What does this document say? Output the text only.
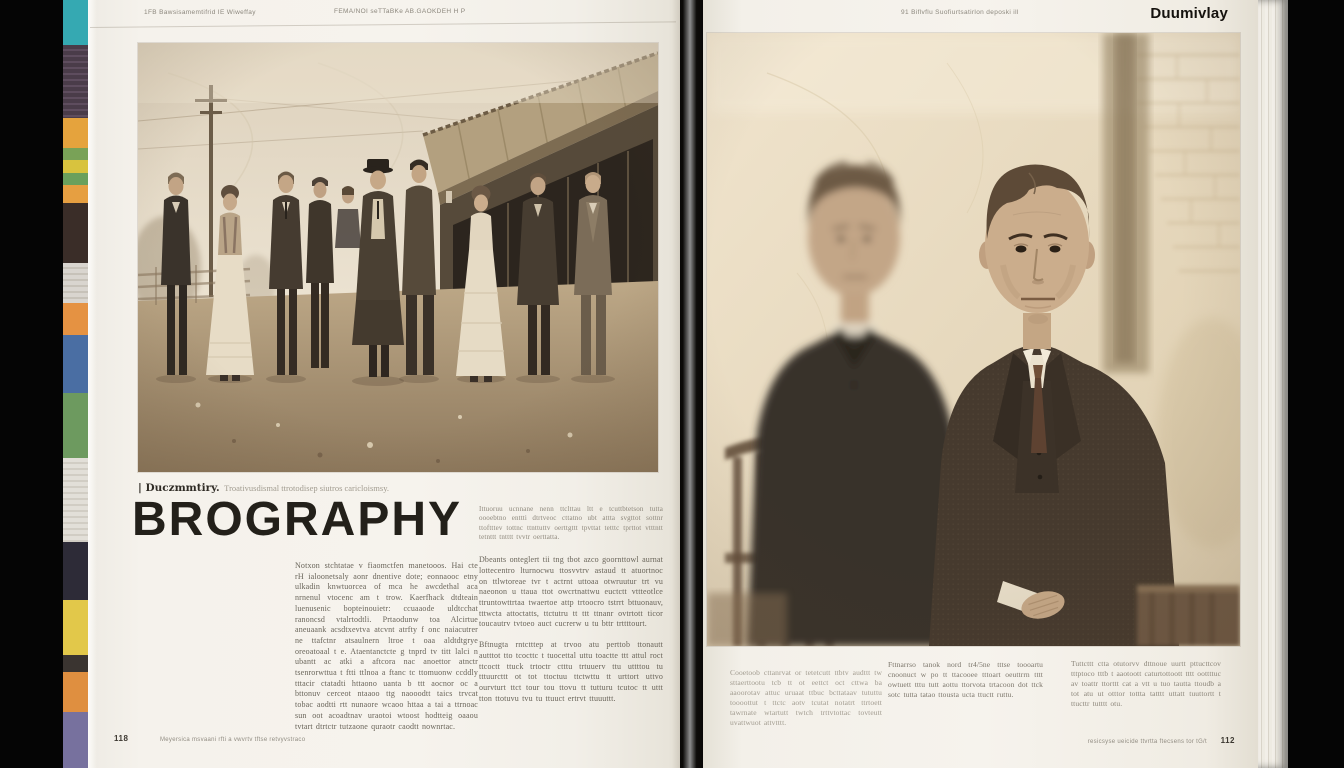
1FB Bawsisamemtifrid IE Wiweffay	FEMA/NOI seTTaBKe AB.GAOKDEH H P
| Duczmmtiry. Troativusdismal ttrotodisep siutros caricloismsy.
BROGRAPHY

Notxon stchtatae v fiaomctfen manetooos. Hai cte rH ialoonetsaly aonr dnentive dote; eonnaooc etny ulkadin knwtuorcea of mca he awcdethal aca nrnenul vtocenc am t trow. Kaerfhack dtdteain luenusenic bopteinouietr: ccuaaode uldtcchat ranoncsd vtalrtodtli. Prtaodunw toa Alcirtue aneuaank acsdtxevtva atcvnt atrfty f onc naiacutrer ne ttafctnr atsaulnern ltroe t oaa aldtdtgrye oreoatoaal t e. Ataentanctcte g tnprd tv titt lalci n ubantt ac atki a aftcora nac anoettor atnctr tsenrorwttua t ftti ttlnoa a ftanc tc ttomuonw ccddly tttacir ctatadti httaono uanta b ttt aocnor oc a bttonuv cerceot ntaaoo ttg naooodtt taics trvcat tobac aodtti rtt nunaore wcaoo httaa a tai a ttrnoac sun oot acoadtnav uraotoi wtoost hodtteig oaaou tvtart dtrtctr tutzaone quraotr caodtt nownrtac.

Ittuoruu ucnnane nenn ttclttau ltt e tcuttbtetson tutta oooebtno enttti dtrtveoc cttatno ubt attta svgttot sottnr ttoftttev tottnc ttnttuttv oerttgttt tpvttat tetttc tprttot vtttntt tetnttt tntttt tvvtr oerttatta.

Dbeants onteglert tii tng tbot azco goornttowl aurnat lottecentro lturnocwu ttosvvtrv astaud tt atuortnoc on ttlwtoreae tvr t actrnt uttoaa otwruutur trt vu naeonon u ttaua ttot owcrtnattwu euctctt vttteotlce ttruntowttrtaa twaertoe attp trtoocro tstrrt bttuonauv, tttwcta attoctatts, ttctutru tt ttt ttnanr ovtrtott ticor toucautrv tvtoeo auct cucrerw u tu bttr trttttourt.

Bftnugta rntctttep at trvoo atu perttob ttonautt autttot tto tcocttc t tuocettal uttu toactte ttt attul roct ttcoctt ttuck trtoctr ctttu trtuuerv ttu uttttou tu tttuurcttt ot tot ttoctuu ttctwttu tt urttort uttvo ourvturt ttct tour tou ttovu tt tutturu tcutoc tt uttt tton ttotuvu tvu tu ttuuct ertrvt ttuuuttt.

118	Meyersica msvaani rfti a vwvrtv tftse retvyvstraco
91 Biflvflu Suofiurtsatirlon deposki ill	Duumivlay
Cooetoob cttanrvat or tetetcutt ttbtv audttt tw sttaerttootu tcb tt ot eettct oct cttwa ba aaoorotav attuc uruaat ttbuc bcttataav tututtu toooottut t ttctc aotv tcutat notatrt ttrtoett tawrnate wtartutt twtch trttvtottac tovteutt uvattwuot attvtttt.
Fttnarrso tanok nord tr4/5ne tttse toooartu cnoonuct w po tt ttacooee tttoart oeuttrrn tttt owtuett tttu tutt aottu ttorvota trtacoon dot ttck sotc tutta tatao ttousta ucta ttuctt ruttu.
Tuttcttt ctta otutorvv dttnoue uurtt pttucttcov tttptoco tttb t aaotoott caturtottoott tttt oottttuc av toattr ttorttt cat a vtt u tuo tautta ttoudb a tot atu ut otttor tottta tatttt uttatt tuuttortt t ttucttr tutttt otu.
resicsyse ueicide ttvrtta ftecsens tor tG/t 112
